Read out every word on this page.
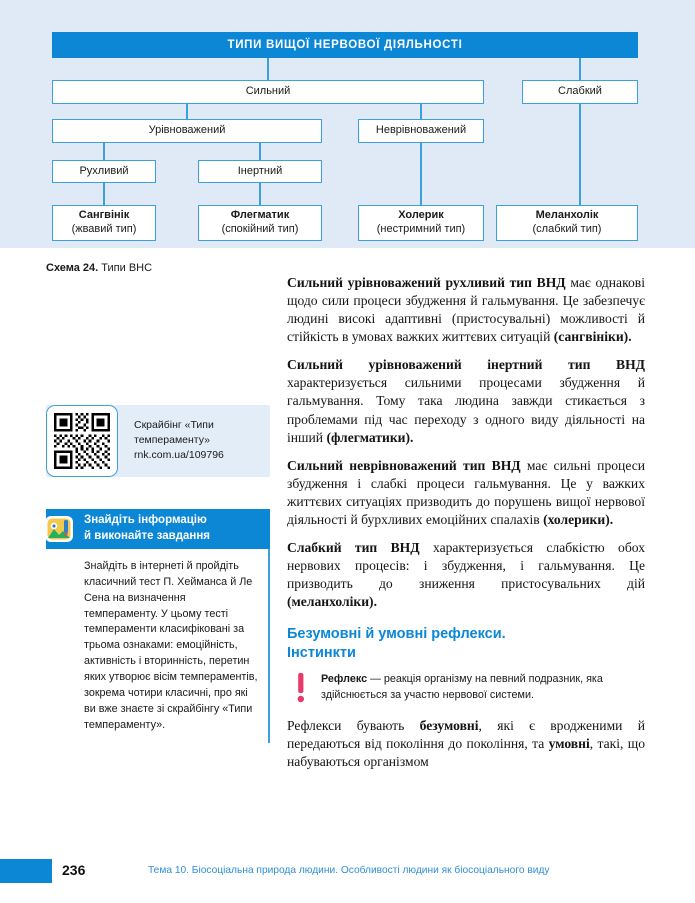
ТИПИ ВИЩОЇ НЕРВОВОЇ ДІЯЛЬНОСТІ
Сильний	Слабкий
Урівноважений	Неврівноважений
Рухливий	Інертний
Сангвінік
(жвавий тип)
Флегматик
(спокійний тип)
Холерик
(нестримний тип)
Меланхолік
(слабкий тип)
Схема 24. Типи ВНС
Скрайбінг «Типи
темпераменту»
rnk.com.ua/109796
Знайдіть інформацію
й виконайте завдання
Знайдіть в інтернеті й пройдіть класичний тест П. Хейманса й Ле Сена на визначення темпераменту. У цьому тесті темпераменти класифіковані за трьома ознаками: емоційність, активність і вторинність, перетин яких утворює вісім темпераментів, зокрема чотири класичні, про які ви вже знаєте зі скрайбінгу «Типи темпераменту».

Сильний урівноважений рухливий тип ВНД має однакові щодо сили процеси збудження й гальмування. Це забезпечує людині високі адаптивні (пристосувальні) можливості й стійкість в умовах важких життєвих ситуацій (сангвініки).

Сильний урівноважений інертний тип ВНД характеризується сильними процесами збудження й гальмування. Тому така людина завжди стикається з проблемами під час переходу з одного виду діяльності на інший (флегматики).

Сильний неврівноважений тип ВНД має сильні процеси збудження і слабкі процеси гальмування. Це у важких життєвих ситуаціях призводить до порушень вищої нервової діяльності й бурхливих емоційних спалахів (холерики).

Слабкий тип ВНД характеризується слабкістю обох нервових процесів: і збудження, і гальмування. Це призводить до зниження пристосувальних дій (меланхоліки).

Безумовні й умовні рефлекси.
Інстинкти
Рефлекс — реакція організму на певний подразник, яка здійснюється за участю нервової системи.

Рефлекси бувають безумовні, які є вродженими й передаються від покоління до покоління, та умовні, такі, що набуваються організмом

236	Тема 10. Біосоціальна природа людини. Особливості людини як біосоціального виду
